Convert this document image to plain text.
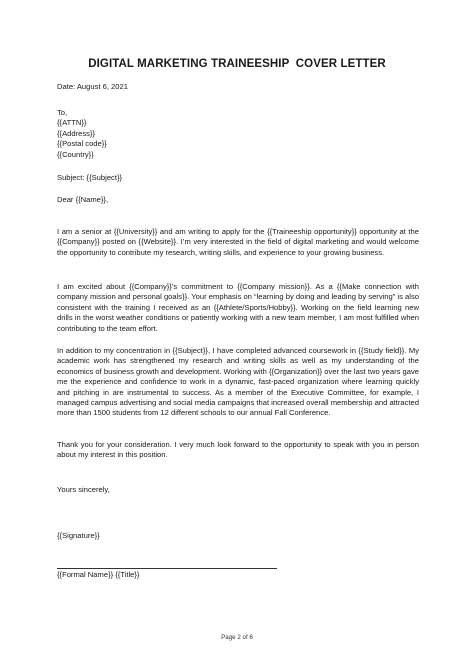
DIGITAL MARKETING TRAINEESHIP  COVER LETTER
Date: August 6, 2021
To,
{{ATTN}}
{{Address}}
{{Postal code}}
{{Country}}
Subject: {{Subject}}
Dear {{Name}},
I am a senior at {{University}} and am writing to apply for the {{Traineeship opportunity}} opportunity at the {{Company}} posted on {{Website}}. I’m very interested in the field of digital marketing and would welcome the opportunity to contribute my research, writing skills, and experience to your growing business.
I am excited about {{Company}}’s commitment to {{Company mission}}. As a {{Make connection with company mission and personal goals}}. Your emphasis on “learning by doing and leading by serving” is also consistent with the training I received as an {{Athlete/Sports/Hobby}}. Working on the field learning new drills in the worst weather conditions or patiently working with a new team member, I am most fulfilled when contributing to the team effort.
In addition to my concentration in {{Subject}}, I have completed advanced coursework in {{Study field}}. My academic work has strengthened my research and writing skills as well as my understanding of the economics of business growth and development. Working with {{Organization}} over the last two years gave me the experience and confidence to work in a dynamic, fast-paced organization where learning quickly and pitching in are instrumental to success. As a member of the Executive Committee, for example, I managed campus advertising and social media campaigns that increased overall membership and attracted more than 1500 students from 12 different schools to our annual Fall Conference.
Thank you for your consideration. I very much look forward to the opportunity to speak with you in person about my interest in this position.
Yours sincerely,
{{Signature}}
{{Formal Name}} {{Title}}
Page 2 of 6
